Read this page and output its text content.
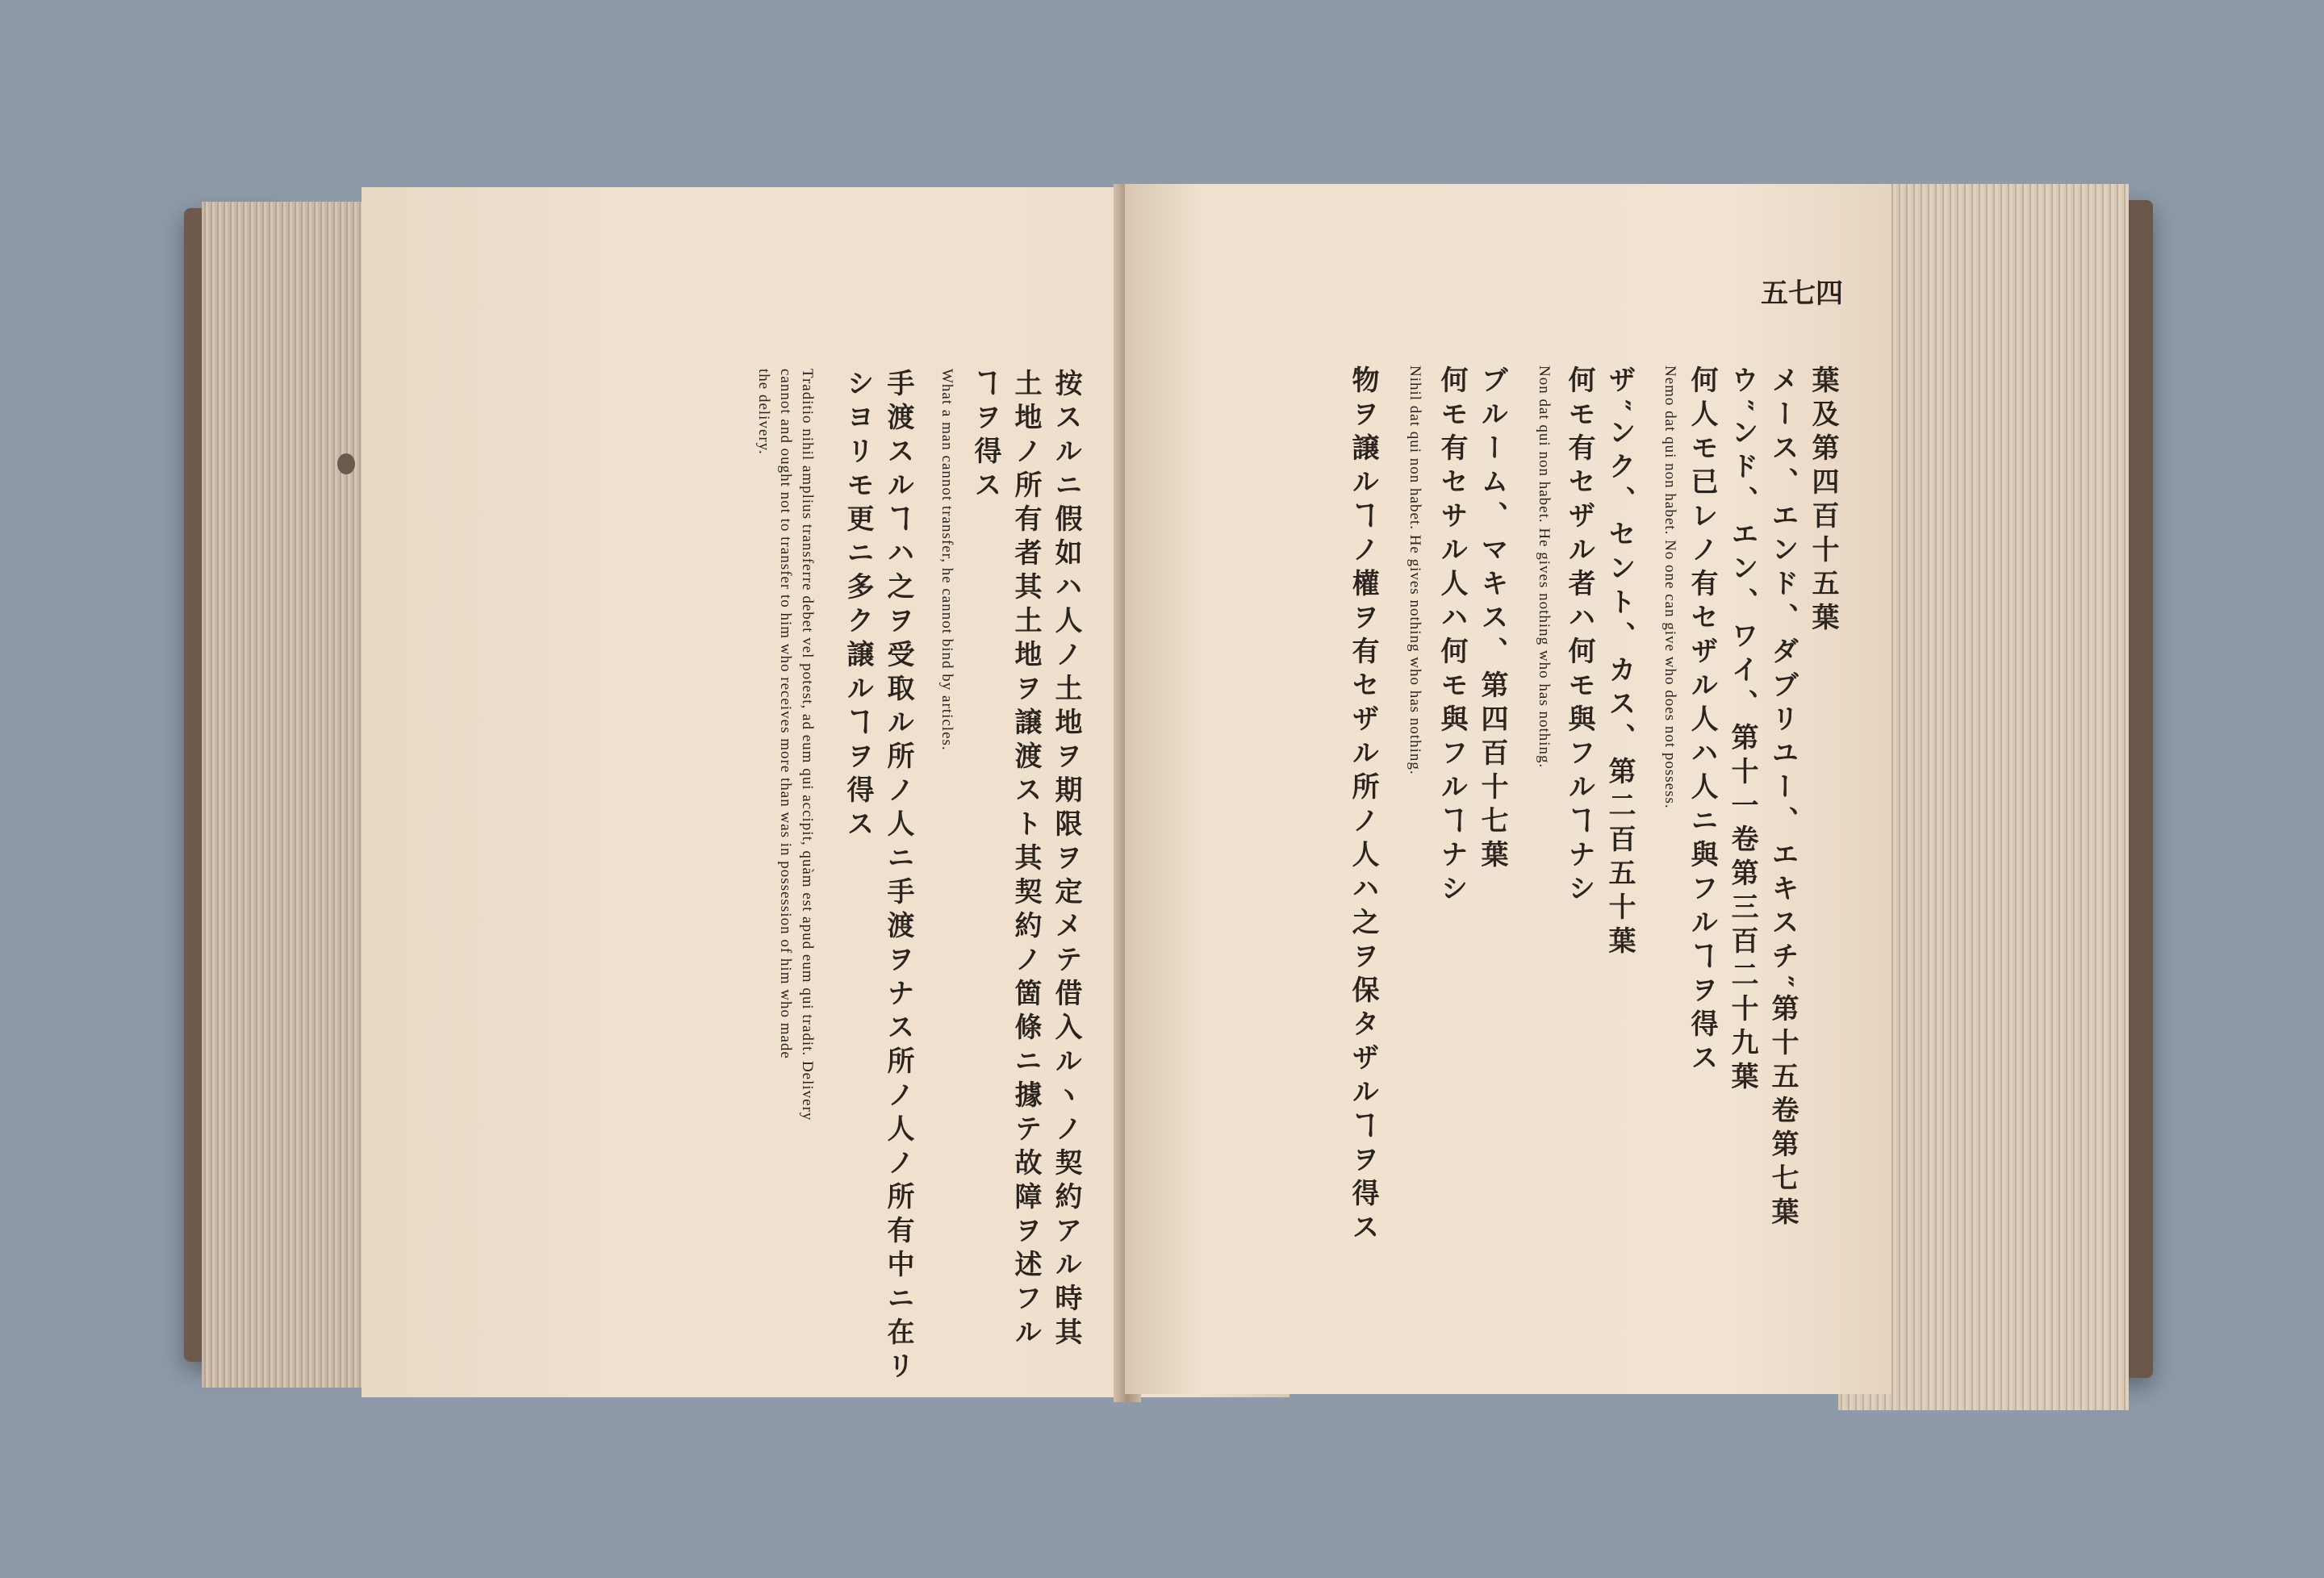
按スルニ假如ハ人ノ土地ヲ期限ヲ定メテ借入ルヽノ契約アル時其
土地ノ所有者其土地ヲ譲渡スト其契約ノ箇條ニ據テ故障ヲ述フル
ヿヲ得ス
What a man cannot transfer, he cannot bind by articles.
手渡スルヿハ之ヲ受取ル所ノ人ニ手渡ヲナス所ノ人ノ所有中ニ在リ
シヨリモ更ニ多ク譲ルヿヲ得ス
Traditio nihil amplius transferre debet vel potest, ad eum qui accipit, quàm est apud eum qui tradit. Delivery
cannot and ought not to transfer to him who receives more than was in possession of him who made
the delivery.
五七四
葉及第四百十五葉
メース、エンド、ダブリユー、エキスチ″第十五卷第七葉
ウ″ンド、エン、ワイ、第十一卷第三百二十九葉
何人モ已レノ有セザル人ハ人ニ與フルヿヲ得ス
Nemo dat qui non habet. No one can give who does not possess.
ザ″ンク、セント、カス、第二百五十葉
何モ有セザル者ハ何モ與フルヿナシ
Non dat qui non habet. He gives nothing who has nothing.
ブルーム、マキス、第四百十七葉
何モ有セサル人ハ何モ與フルヿナシ
Nihil dat qui non habet. He gives nothing who has nothing.
物ヲ譲ルヿノ權ヲ有セザル所ノ人ハ之ヲ保タザルヿヲ得ス
